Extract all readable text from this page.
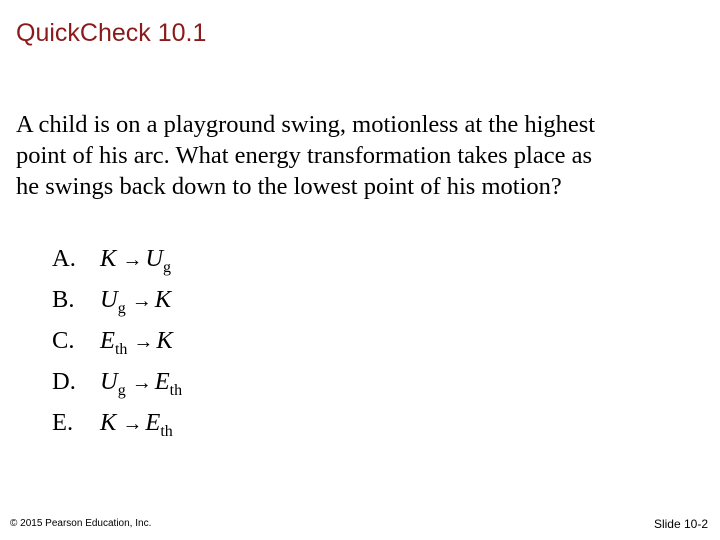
QuickCheck 10.1
A child is on a playground swing, motionless at the highest
point of his arc. What energy transformation takes place as
he swings back down to the lowest point of his motion?
A. $K \to U_g$
B.	$U_g \to K$
C.	$E_{th} \to K$
D. $U_g \to E_{th}$
E.	$K \to E_{th}$
© 2015 Pearson Education, Inc.	Slide 10-2
